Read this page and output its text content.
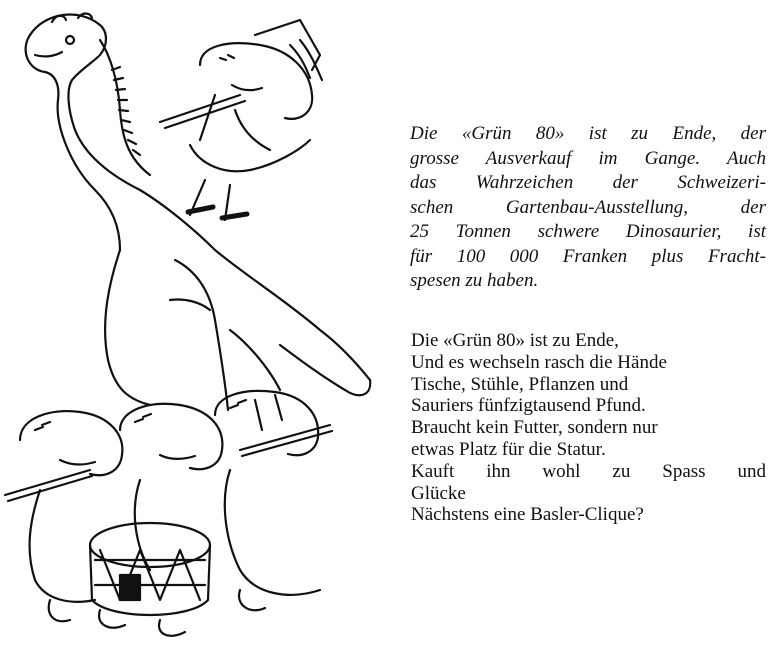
Die «Grün 80» ist zu Ende, der
grosse Ausverkauf im Gange. Auch
das Wahrzeichen der Schweizeri-
schen Gartenbau-Ausstellung, der
25 Tonnen schwere Dinosaurier, ist
für 100 000 Franken plus Fracht-
spesen zu haben.

Die «Grün 80» ist zu Ende,
Und es wechseln rasch die Hände
Tische, Stühle, Pflanzen und
Sauriers fünfzigtausend Pfund.
Braucht kein Futter, sondern nur
etwas Platz für die Statur.
Kauft ihn wohl zu Spass und
Glücke
Nächstens eine Basler-Clique?
